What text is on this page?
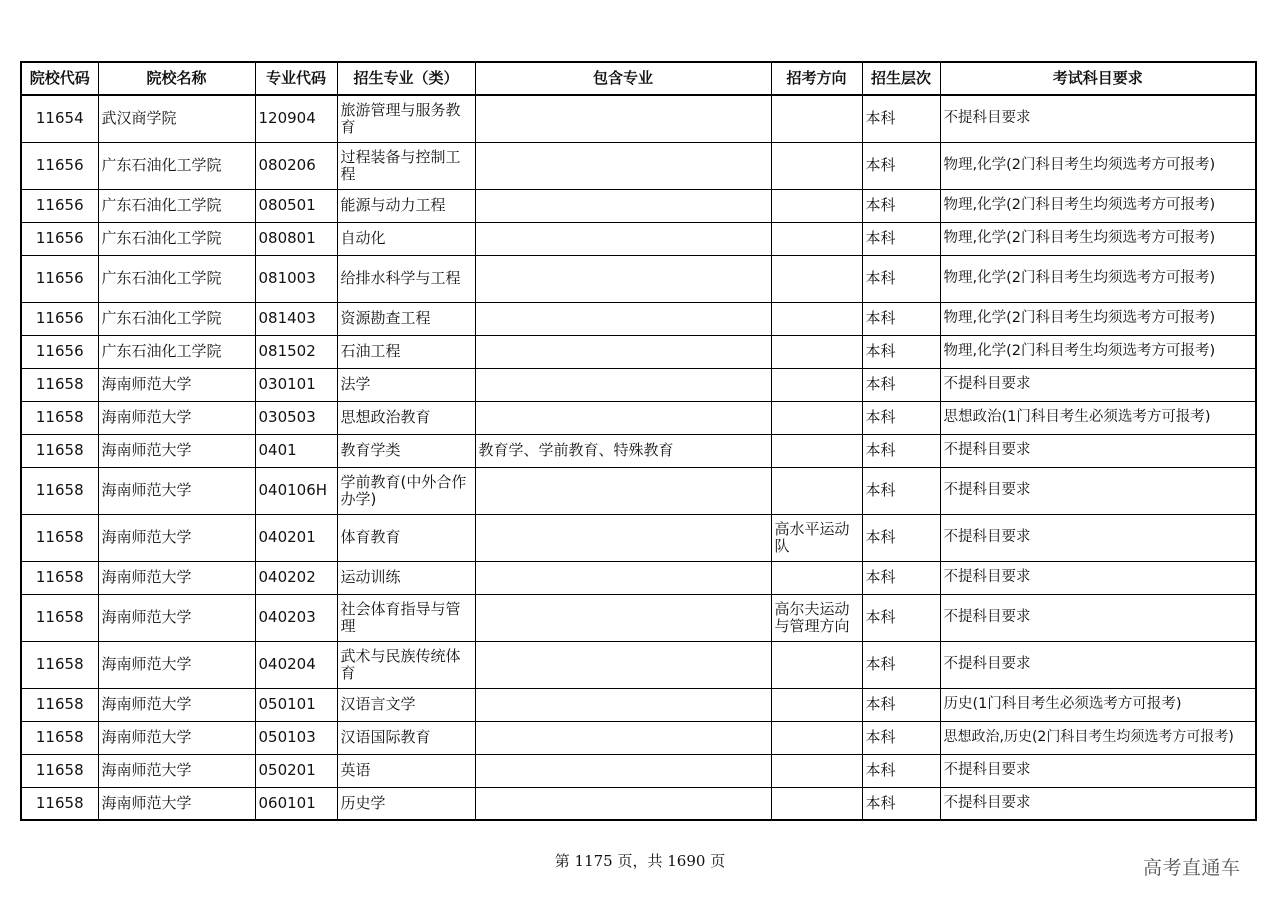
院校代码	院校名称	专业代码	招生专业（类）	包含专业	招考方向	招生层次	考试科目要求
11654	武汉商学院	120904	旅游管理与服务教育			本科	不提科目要求
11656	广东石油化工学院	080206	过程装备与控制工程			本科	物理,化学(2门科目考生均须选考方可报考)
11656	广东石油化工学院	080501	能源与动力工程			本科	物理,化学(2门科目考生均须选考方可报考)
11656	广东石油化工学院	080801	自动化			本科	物理,化学(2门科目考生均须选考方可报考)
11656	广东石油化工学院	081003	给排水科学与工程			本科	物理,化学(2门科目考生均须选考方可报考)
11656	广东石油化工学院	081403	资源勘查工程			本科	物理,化学(2门科目考生均须选考方可报考)
11656	广东石油化工学院	081502	石油工程			本科	物理,化学(2门科目考生均须选考方可报考)
11658	海南师范大学	030101	法学			本科	不提科目要求
11658	海南师范大学	030503	思想政治教育			本科	思想政治(1门科目考生必须选考方可报考)
11658	海南师范大学	0401	教育学类	教育学、学前教育、特殊教育		本科	不提科目要求
11658	海南师范大学	040106H	学前教育(中外合作办学)			本科	不提科目要求
11658	海南师范大学	040201	体育教育		高水平运动队	本科	不提科目要求
11658	海南师范大学	040202	运动训练			本科	不提科目要求
11658	海南师范大学	040203	社会体育指导与管理		高尔夫运动与管理方向	本科	不提科目要求
11658	海南师范大学	040204	武术与民族传统体育			本科	不提科目要求
11658	海南师范大学	050101	汉语言文学			本科	历史(1门科目考生必须选考方可报考)
11658	海南师范大学	050103	汉语国际教育			本科	思想政治,历史(2门科目考生均须选考方可报考)
11658	海南师范大学	050201	英语			本科	不提科目要求
11658	海南师范大学	060101	历史学			本科	不提科目要求
第 1175 页，共 1690 页	高考直通车
